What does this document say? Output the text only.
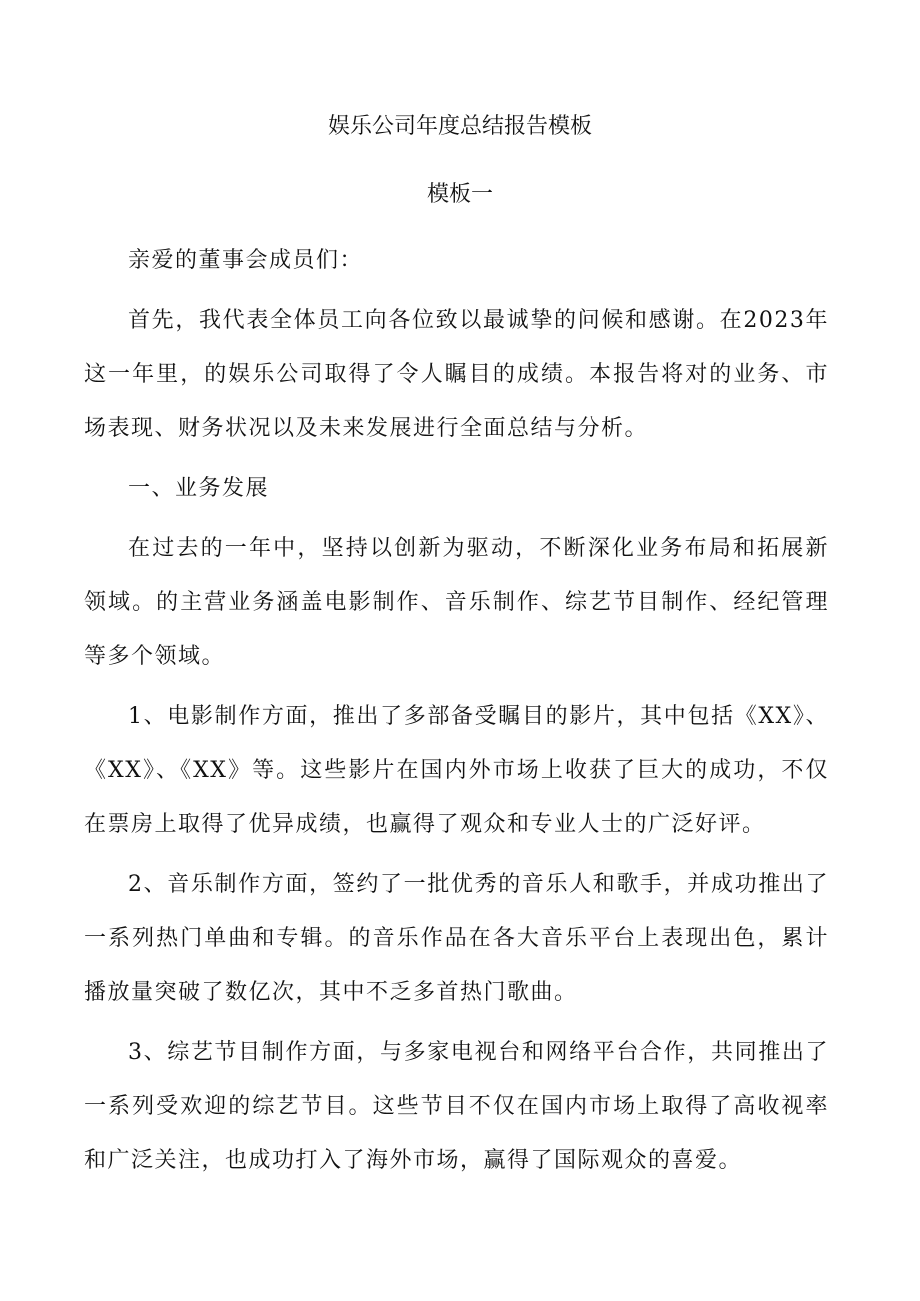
娱乐公司年度总结报告模板
模板一

亲爱的董事会成员们：

首先，我代表全体员工向各位致以最诚挚的问候和感谢。在2023年这一年里，的娱乐公司取得了令人瞩目的成绩。本报告将对的业务、市场表现、财务状况以及未来发展进行全面总结与分析。

一、业务发展

在过去的一年中，坚持以创新为驱动，不断深化业务布局和拓展新领域。的主营业务涵盖电影制作、音乐制作、综艺节目制作、经纪管理等多个领域。

1、电影制作方面，推出了多部备受瞩目的影片，其中包括《XX》、《XX》、《XX》等。这些影片在国内外市场上收获了巨大的成功，不仅在票房上取得了优异成绩，也赢得了观众和专业人士的广泛好评。

2、音乐制作方面，签约了一批优秀的音乐人和歌手，并成功推出了一系列热门单曲和专辑。的音乐作品在各大音乐平台上表现出色，累计播放量突破了数亿次，其中不乏多首热门歌曲。

3、综艺节目制作方面，与多家电视台和网络平台合作，共同推出了一系列受欢迎的综艺节目。这些节目不仅在国内市场上取得了高收视率和广泛关注，也成功打入了海外市场，赢得了国际观众的喜爱。
